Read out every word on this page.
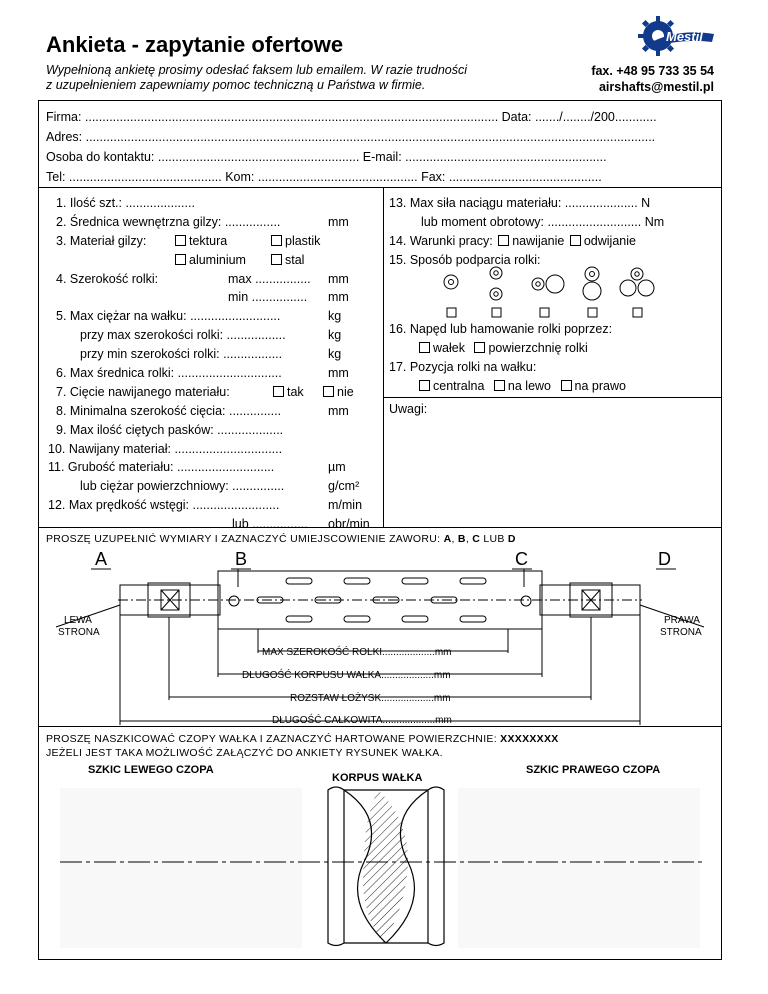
Ankieta - zapytanie ofertowe
Wypełnioną ankietę prosimy odesłać faksem lub emailem. W razie trudności
z uzupełnieniem zapewniamy pomoc techniczną u Państwa w firmie.
fax. +48 95 733 35 54
airshafts@mestil.pl
Mestil
Firma: ....................................................................................................................... Data: ......./......../200............
Adres: ....................................................................................................................................................................
Osoba do kontaktu: .......................................................... E-mail: ..........................................................
Tel: ............................................ Kom: .............................................. Fax: ............................................
1. Ilość szt.: ....................
2. Średnica wewnętrzna gilzy: ................	mm
3. Materiał gilzy:	tektura	plastik
aluminium	stal
4. Szerokość rolki:	max ................ mm
min ................ mm
5. Max ciężar na wałku: ..........................	kg
przy max szerokości rolki: .................	kg
przy min szerokości rolki: .................	kg
6. Max średnica rolki: ..............................	mm
7. Cięcie nawijanego materiału:	tak	nie
8. Minimalna szerokość cięcia: ...............	mm
9. Max ilość ciętych pasków: ...................
10. Nawijany materiał: ...............................
11. Grubość materiału: ............................	µm
lub ciężar powierzchniowy: ...............	g/cm²
12. Max prędkość wstęgi: .........................	m/min
lub ................ obr/min
13. Max siła naciągu materiału: ..................... N
lub moment obrotowy: ........................... Nm
14. Warunki pracy: nawijanie odwijanie
15. Sposób podparcia rolki:
16. Napęd lub hamowanie rolki poprzez:
wałek powierzchnię rolki
17. Pozycja rolki na wałku:
centralna na lewo na prawo
Uwagi:
PROSZĘ UZUPEŁNIĆ WYMIARY I ZAZNACZYĆ UMIEJSCOWIENIE ZAWORU: A, B, C LUB D
A	B	C	D
LEWA
STRONA
PRAWA
STRONA
MAX SZEROKOŚĆ ROLKI...................mm
DŁUGOŚĆ KORPUSU WAŁKA...................mm
ROZSTAW ŁOŻYSK...................mm
DŁUGOŚĆ CAŁKOWITA...................mm
PROSZĘ NASZKICOWAĆ CZOPY WAŁKA I ZAZNACZYĆ HARTOWANE POWIERZCHNIE: XXXXXXXX
JEŻELI JEST TAKA MOŻLIWOŚĆ ZAŁĄCZYĆ DO ANKIETY RYSUNEK WAŁKA.
SZKIC LEWEGO CZOPA
KORPUS WAŁKA
SZKIC PRAWEGO CZOPA
